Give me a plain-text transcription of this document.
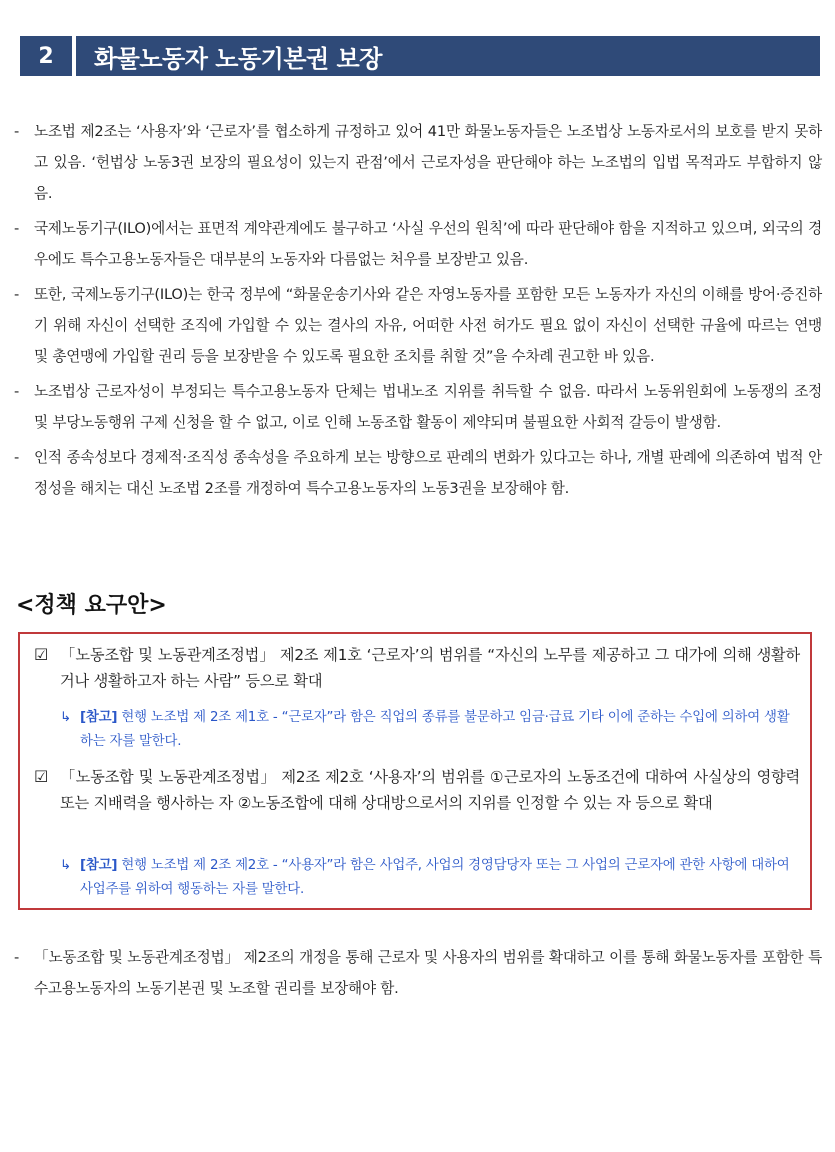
2	화물노동자 노동기본권 보장
- 노조법 제2조는 ‘사용자’와 ‘근로자’를 협소하게 규정하고 있어 41만 화물노동자들은 노조법상 노동자로서의 보호를 받지 못하고 있음. ‘헌법상 노동3권 보장의 필요성이 있는지 관점’에서 근로자성을 판단해야 하는 노조법의 입법 목적과도 부합하지 않음.
- 국제노동기구(ILO)에서는 표면적 계약관계에도 불구하고 ‘사실 우선의 원칙’에 따라 판단해야 함을 지적하고 있으며, 외국의 경우에도 특수고용노동자들은 대부분의 노동자와 다름없는 처우를 보장받고 있음.
- 또한, 국제노동기구(ILO)는 한국 정부에 “화물운송기사와 같은 자영노동자를 포함한 모든 노동자가 자신의 이해를 방어·증진하기 위해 자신이 선택한 조직에 가입할 수 있는 결사의 자유, 어떠한 사전 허가도 필요 없이 자신이 선택한 규율에 따르는 연맹 및 총연맹에 가입할 권리 등을 보장받을 수 있도록 필요한 조치를 취할 것”을 수차례 권고한 바 있음.
- 노조법상 근로자성이 부정되는 특수고용노동자 단체는 법내노조 지위를 취득할 수 없음. 따라서 노동위원회에 노동쟁의 조정 및 부당노동행위 구제 신청을 할 수 없고, 이로 인해 노동조합 활동이 제약되며 불필요한 사회적 갈등이 발생함.
- 인적 종속성보다 경제적·조직성 종속성을 주요하게 보는 방향으로 판례의 변화가 있다고는 하나, 개별 판례에 의존하여 법적 안정성을 해치는 대신 노조법 2조를 개정하여 특수고용노동자의 노동3권을 보장해야 함.
<정책 요구안>
☑ 「노동조합 및 노동관계조정법」 제2조 제1호 ‘근로자’의 범위를 “자신의 노무를 제공하고 그 대가에 의해 생활하거나 생활하고자 하는 사람” 등으로 확대
↳ [참고] 현행 노조법 제 2조 제1호 - “근로자”라 함은 직업의 종류를 불문하고 임금·급료 기타 이에 준하는 수입에 의하여 생활하는 자를 말한다.
☑ 「노동조합 및 노동관계조정법」 제2조 제2호 ‘사용자’의 범위를 ①근로자의 노동조건에 대하여 사실상의 영향력 또는 지배력을 행사하는 자 ②노동조합에 대해 상대방으로서의 지위를 인정할 수 있는 자 등으로 확대
↳ [참고] 현행 노조법 제 2조 제2호 - “사용자”라 함은 사업주, 사업의 경영담당자 또는 그 사업의 근로자에 관한 사항에 대하여 사업주를 위하여 행동하는 자를 말한다.
- 「노동조합 및 노동관계조정법」 제2조의 개정을 통해 근로자 및 사용자의 범위를 확대하고 이를 통해 화물노동자를 포함한 특수고용노동자의 노동기본권 및 노조할 권리를 보장해야 함.
